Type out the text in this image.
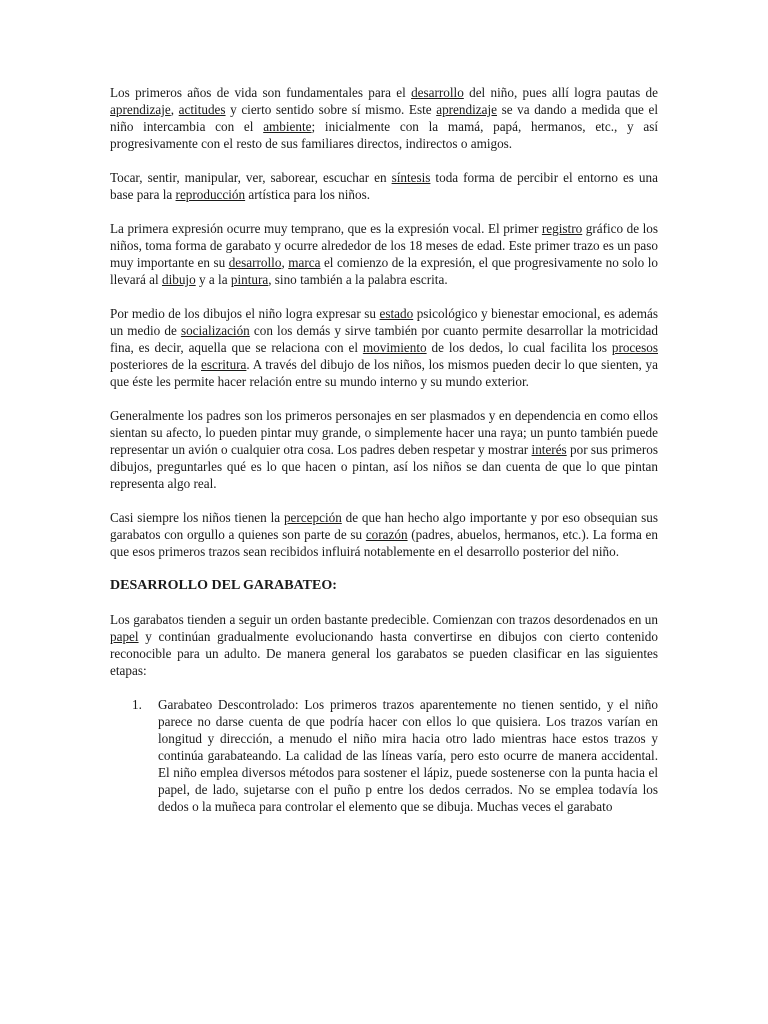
Los primeros años de vida son fundamentales para el desarrollo del niño, pues allí logra pautas de aprendizaje, actitudes y cierto sentido sobre sí mismo. Este aprendizaje se va dando a medida que el niño intercambia con el ambiente; inicialmente con la mamá, papá, hermanos, etc., y así progresivamente con el resto de sus familiares directos, indirectos o amigos.

Tocar, sentir, manipular, ver, saborear, escuchar en síntesis toda forma de percibir el entorno es una base para la reproducción artística para los niños.

La primera expresión ocurre muy temprano, que es la expresión vocal. El primer registro gráfico de los niños, toma forma de garabato y ocurre alrededor de los 18 meses de edad. Este primer trazo es un paso muy importante en su desarrollo, marca el comienzo de la expresión, el que progresivamente no solo lo llevará al dibujo y a la pintura, sino también a la palabra escrita.

Por medio de los dibujos el niño logra expresar su estado psicológico y bienestar emocional, es además un medio de socialización con los demás y sirve también por cuanto permite desarrollar la motricidad fina, es decir, aquella que se relaciona con el movimiento de los dedos, lo cual facilita los procesos posteriores de la escritura. A través del dibujo de los niños, los mismos pueden decir lo que sienten, ya que éste les permite hacer relación entre su mundo interno y su mundo exterior.

Generalmente los padres son los primeros personajes en ser plasmados y en dependencia en como ellos sientan su afecto, lo pueden pintar muy grande, o simplemente hacer una raya; un punto también puede representar un avión o cualquier otra cosa. Los padres deben respetar y mostrar interés por sus primeros dibujos, preguntarles qué es lo que hacen o pintan, así los niños se dan cuenta de que lo que pintan representa algo real.

Casi siempre los niños tienen la percepción de que han hecho algo importante y por eso obsequian sus garabatos con orgullo a quienes son parte de su corazón (padres, abuelos, hermanos, etc.). La forma en que esos primeros trazos sean recibidos influirá notablemente en el desarrollo posterior del niño.

DESARROLLO DEL GARABATEO:

Los garabatos tienden a seguir un orden bastante predecible. Comienzan con trazos desordenados en un papel y continúan gradualmente evolucionando hasta convertirse en dibujos con cierto contenido reconocible para un adulto. De manera general los garabatos se pueden clasificar en las siguientes etapas:

1. Garabateo Descontrolado: Los primeros trazos aparentemente no tienen sentido, y el niño parece no darse cuenta de que podría hacer con ellos lo que quisiera. Los trazos varían en longitud y dirección, a menudo el niño mira hacia otro lado mientras hace estos trazos y continúa garabateando. La calidad de las líneas varía, pero esto ocurre de manera accidental. El niño emplea diversos métodos para sostener el lápiz, puede sostenerse con la punta hacia el papel, de lado, sujetarse con el puño p entre los dedos cerrados. No se emplea todavía los dedos o la muñeca para controlar el elemento que se dibuja. Muchas veces el garabato
